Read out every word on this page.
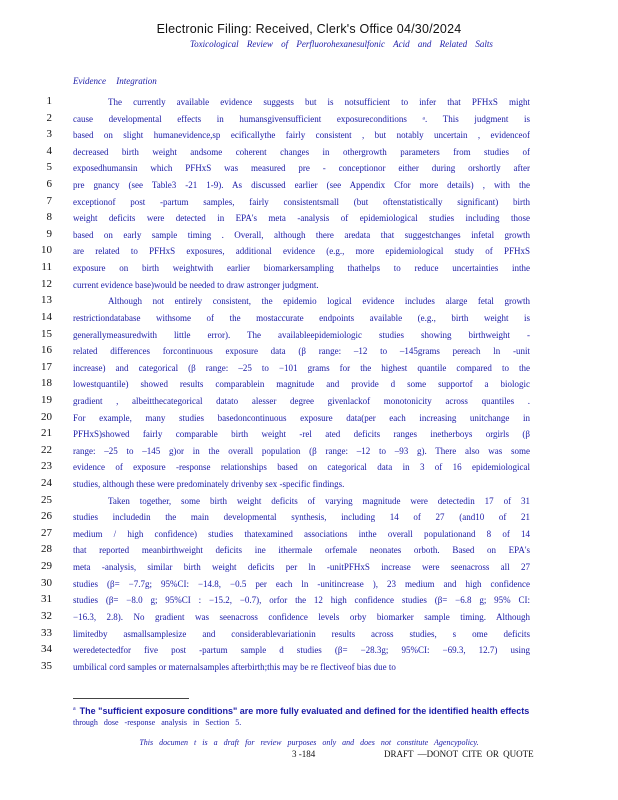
Electronic Filing: Received, Clerk's Office 04/30/2024
Toxicological Review of Perfluorohexanesulfonic Acid and Related Salts
Evidence Integration
1	The currently available evidence suggests but is notsufficient to infer that PFHxS might
2 cause developmental effects in humansgivensufficient exposureconditions ᵃ. This judgment is
3 based on slight humanevidence,sp ecificallythe fairly consistent , but notably uncertain , evidenceof
4 decreased birth weight andsome coherent changes in othergrowth parameters from studies of
5 exposedhumansin which PFHxS was measured pre - conceptionor either during orshortly after
6 pre gnancy (see Table3 -21 1-9). As discussed earlier (see Appendix Cfor more details) , with the
7 exceptionof post -partum samples, fairly consistentsmall (but oftenstatistically significant) birth
8 weight deficits were detected in EPA's meta -analysis of epidemiological studies including those
9 based on early sample timing . Overall, although there aredata that suggestchanges infetal growth
10 are related to PFHxS exposures, additional evidence (e.g., more epidemiological study of PFHxS
11 exposure on birth weightwith earlier biomarkersampling thathelps to reduce uncertainties inthe
12 current evidence base)would be needed to draw astronger judgment.
13	Although not entirely consistent, the epidemio logical evidence includes alarge fetal growth
14 restrictiondatabase withsome of the mostaccurate endpoints available (e.g., birth weight is
15 generallymeasuredwith little error). The availableepidemiologic studies showing birthweight -
16 related differences forcontinuous exposure data (β range: –12 to –145grams pereach ln -unit
17 increase) and categorical (β range: –25 to −101 grams for the highest quantile compared to the
18 lowestquantile) showed results comparablein magnitude and provide d some supportof a biologic
19 gradient , albeitthecategorical datato alesser degree givenlackof monotonicity across quantiles .
20 For example, many studies basedoncontinuous exposure data(per each increasing unitchange in
21 PFHxS)showed fairly comparable birth weight -rel ated deficits ranges inetherboys orgirls (β
22 range: –25 to –145 g)or in the overall population (β range: –12 to –93 g). There also was some
23 evidence of exposure -response relationships based on categorical data in 3 of 16 epidemiological
24 studies, although these were predominately drivenby sex -specific findings.
25	Taken together, some birth weight deficits of varying magnitude were detectedin 17 of 31
26 studies includedin the main developmental synthesis, including 14 of 27 (and10 of 21
27 medium / high confidence) studies thatexamined associations inthe overall populationand 8 of 14
28 that reported meanbirthweight deficits ine ithermale orfemale neonates orboth. Based on EPA's
29 meta -analysis, similar birth weight deficits per ln -unitPFHxS increase were seenacross all 27
30 studies (β= −7.7g; 95%CI: −14.8, −0.5 per each ln -unitincrease ), 23 medium and high confidence
31 studies (β= −8.0 g; 95%CI : −15.2, −0.7), orfor the 12 high confidence studies (β= −6.8 g; 95% CI:
32 −16.3, 2.8). No gradient was seenacross confidence levels orby biomarker sample timing. Although
33 limitedby asmallsamplesize and considerablevariationin results across studies, s ome deficits
34 weredetectedfor five post -partum sample d studies (β= −28.3g; 95%CI: −69.3, 12.7) using
35 umbilical cord samples or maternalsamples afterbirth;this may be re flectiveof bias due to
$^a$ The "sufficient exposure conditions" are more fully evaluated and defined for the identified health effects
through dose -response analysis in Section 5.
This documen t is a draft for review purposes only and does not constitute Agencypolicy.
3 -184	DRAFT —DONOT CITE OR QUOTE
